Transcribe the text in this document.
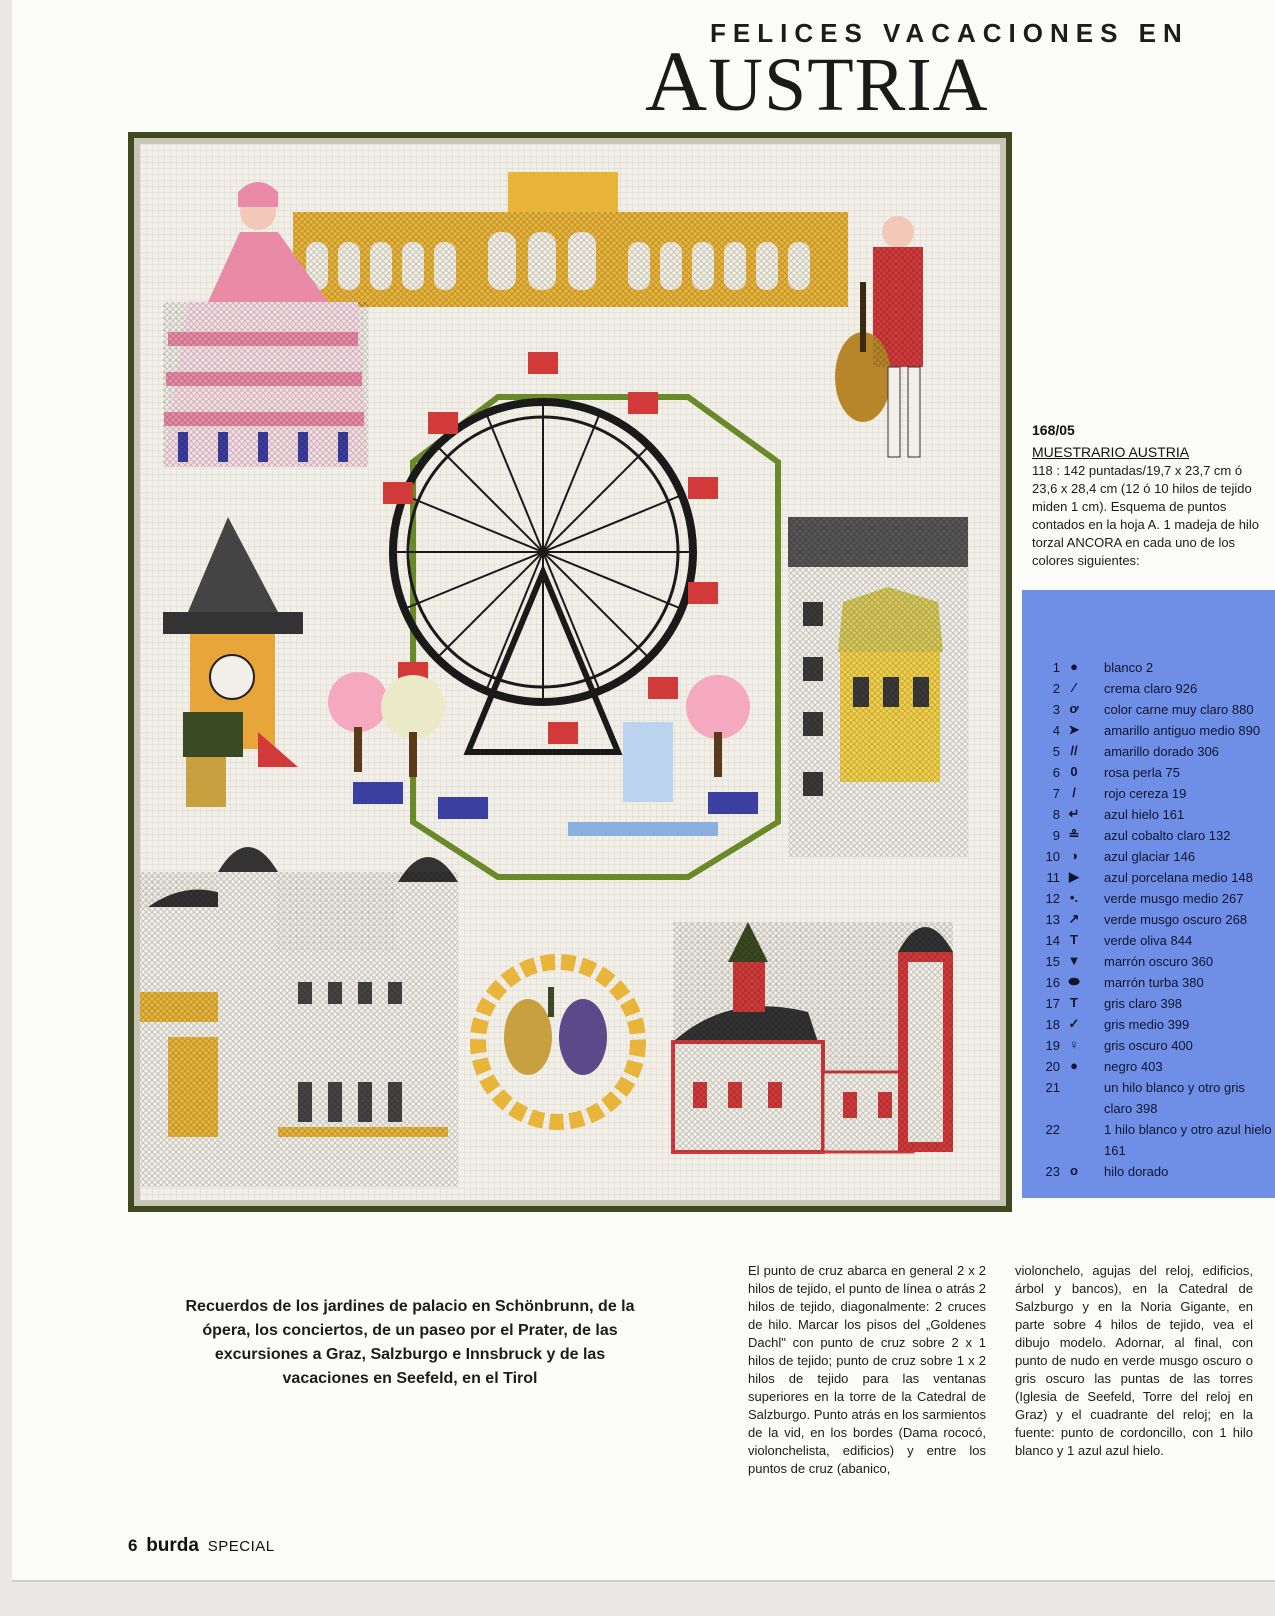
FELICES VACACIONES EN
AUSTRIA
168/05
MUESTRARIO AUSTRIA
118 : 142 puntadas/19,7 x 23,7 cm ó 23,6 x 28,4 cm (12 ó 10 hilos de tejido miden 1 cm). Esquema de puntos contados en la hoja A. 1 madeja de hilo torzal ANCORA en cada uno de los colores siguientes:
1 ●	blanco 2
2 ⁄	crema claro 926
3 ơ color carne muy claro 880
4 ➤ amarillo antiguo medio 890
5 //	amarillo dorado 306
6 0	rosa perla 75
7 /	rojo cereza 19
8 ↵ azul hielo 161
9 ≗ azul cobalto claro 132
10 ◑	azul glaciar 146
11 ▶ azul porcelana medio 148
12 •.	verde musgo medio 267
13 ↗ verde musgo oscuro 268
14 T	verde oliva 844
15 ▼ marrón oscuro 360
16 ⬬ marrón turba 380
17 T	gris claro 398
18 ✓ gris medio 399
19 ♀ gris oscuro 400
20 ●	negro 403
21	un hilo blanco y otro gris claro 398
22	1 hilo blanco y otro azul hielo 161
23 o	hilo dorado
Recuerdos de los jardines de palacio en Schönbrunn, de la ópera, los conciertos, de un paseo por el Prater, de las excursiones a Graz, Salzburgo e Innsbruck y de las vacaciones en Seefeld, en el Tirol
El punto de cruz abarca en general 2 x 2 hilos de tejido, el punto de línea o atrás 2 hilos de tejido, diagonalmente: 2 cruces de hilo. Marcar los pisos del „Goldenes Dachl" con punto de cruz sobre 2 x 1 hilos de tejido; punto de cruz sobre 1 x 2 hilos de tejido para las ventanas superiores en la torre de la Catedral de Salzburgo. Punto atrás en los sarmientos de la vid, en los bordes (Dama rococó, violonchelista, edificios) y entre los puntos de cruz (abanico,
violonchelo, agujas del reloj, edificios, árbol y bancos), en la Catedral de Salzburgo y en la Noria Gigante, en parte sobre 4 hilos de tejido, vea el dibujo modelo. Adornar, al final, con punto de nudo en verde musgo oscuro o gris oscuro las puntas de las torres (Iglesia de Seefeld, Torre del reloj en Graz) y el cuadrante del reloj; en la fuente: punto de cordoncillo, con 1 hilo blanco y 1 azul azul hielo.
6 burda SPECIAL
